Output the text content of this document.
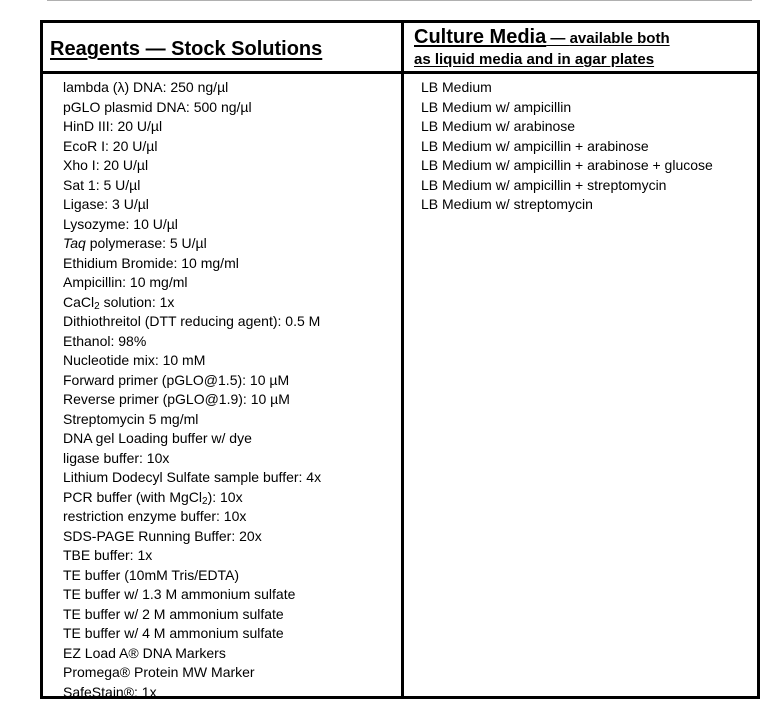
Reagents — Stock Solutions
Culture Media — available both
as liquid media and in agar plates
lambda (λ) DNA: 250 ng/µl
pGLO plasmid DNA: 500 ng/µl
HinD III: 20 U/µl
EcoR I: 20 U/µl
Xho I: 20 U/µl
Sat 1: 5 U/µl
Ligase: 3 U/µl
Lysozyme: 10 U/µl
Taq polymerase: 5 U/µl
Ethidium Bromide: 10 mg/ml
Ampicillin: 10 mg/ml
CaCl$_2$ solution: 1x
Dithiothreitol (DTT reducing agent): 0.5 M
Ethanol: 98%
Nucleotide mix: 10 mM
Forward primer (pGLO@1.5): 10 µM
Reverse primer (pGLO@1.9): 10 µM
Streptomycin 5 mg/ml
DNA gel Loading buffer w/ dye
ligase buffer: 10x
Lithium Dodecyl Sulfate sample buffer: 4x
PCR buffer (with MgCl$_2$): 10x
restriction enzyme buffer: 10x
SDS-PAGE Running Buffer: 20x
TBE buffer: 1x
TE buffer (10mM Tris/EDTA)
TE buffer w/ 1.3 M ammonium sulfate
TE buffer w/ 2 M ammonium sulfate
TE buffer w/ 4 M ammonium sulfate
EZ Load A® DNA Markers
Promega® Protein MW Marker
SafeStain®: 1x
LB Medium
LB Medium w/ ampicillin
LB Medium w/ arabinose
LB Medium w/ ampicillin + arabinose
LB Medium w/ ampicillin + arabinose + glucose
LB Medium w/ ampicillin + streptomycin
LB Medium w/ streptomycin
